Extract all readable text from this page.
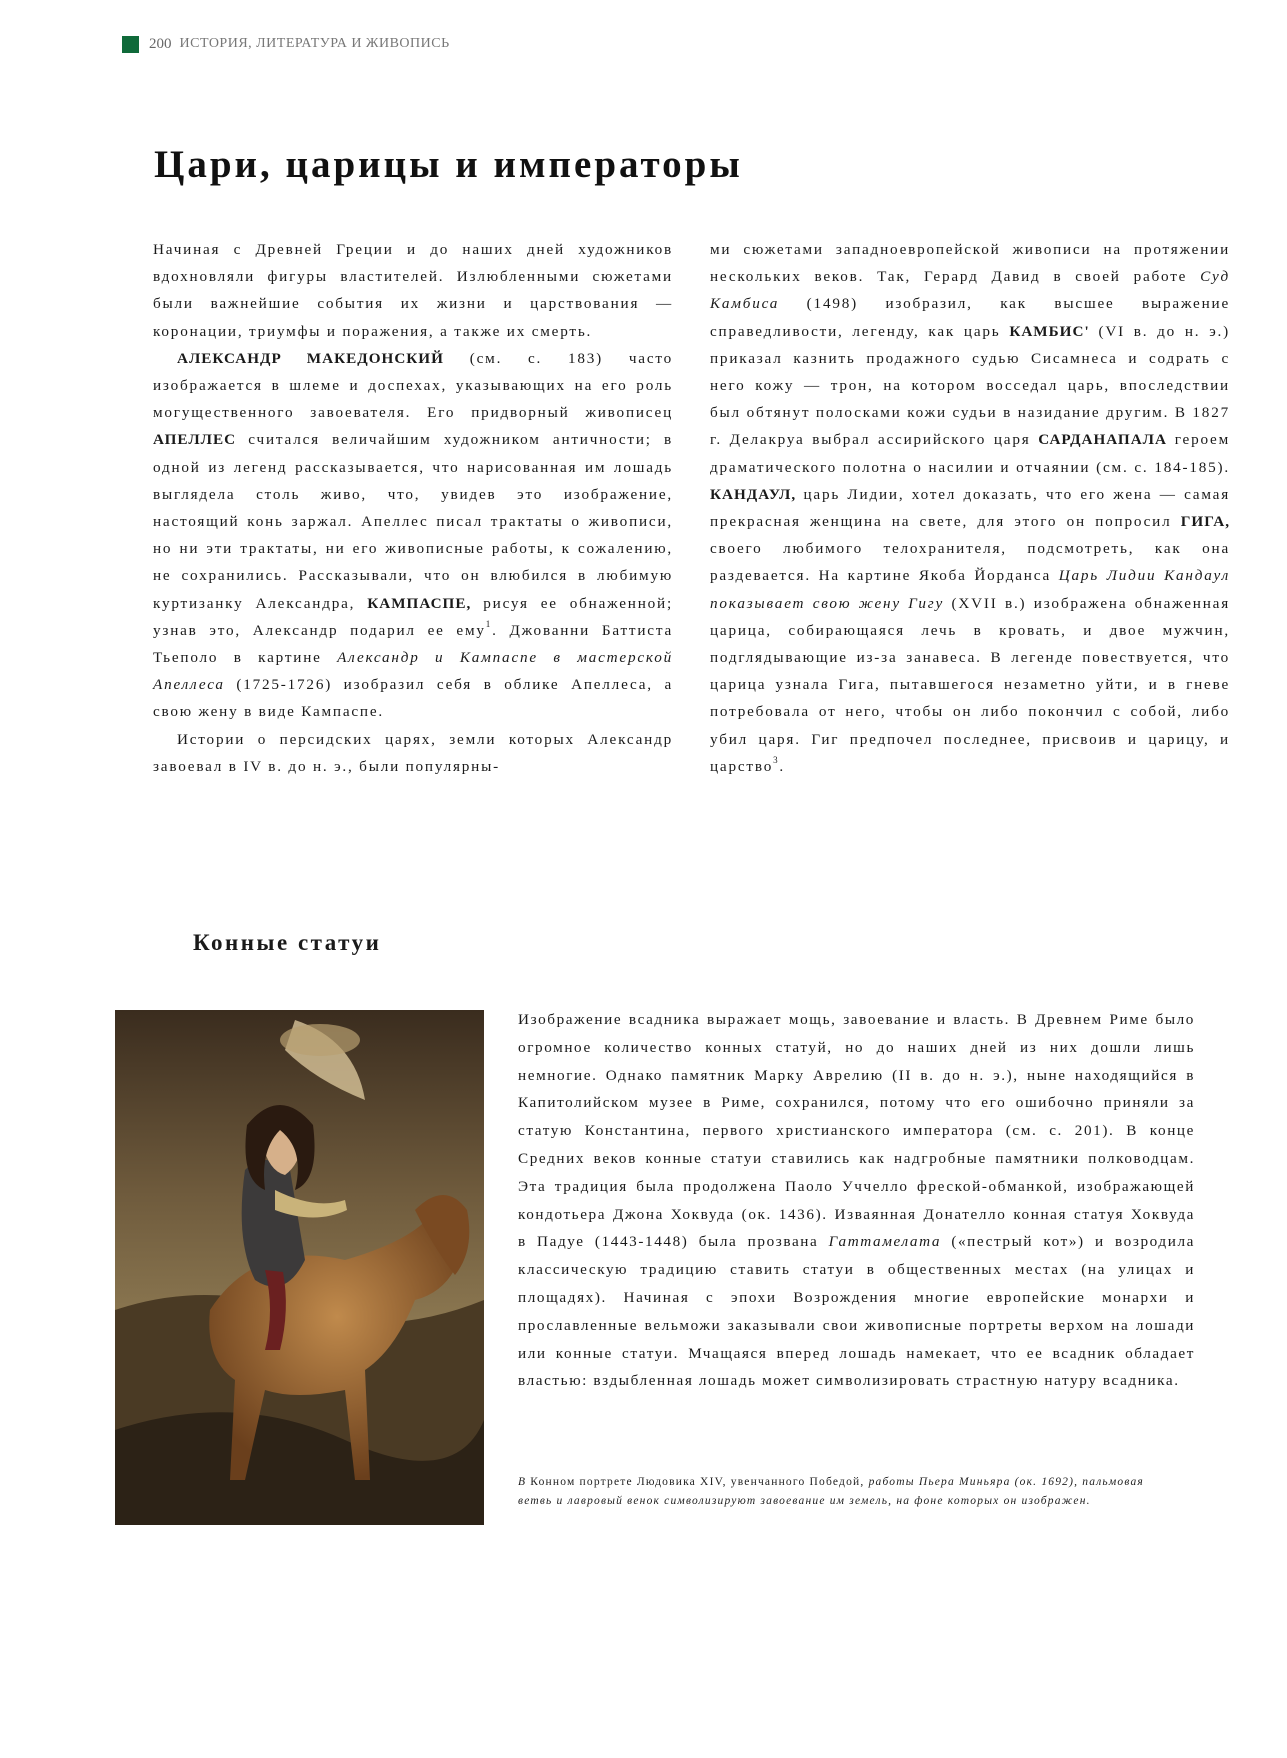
200 ИСТОРИЯ, ЛИТЕРАТУРА И ЖИВОПИСЬ
Цари, царицы и императоры

Начиная с Древней Греции и до наших дней художников вдохновляли фигуры властителей. Излюбленными сюжетами были важнейшие события их жизни и царствования — коронации, триумфы и поражения, а также их смерть.

АЛЕКСАНДР МАКЕДОНСКИЙ (см. с. 183) часто изображается в шлеме и доспехах, указывающих на его роль могущественного завоевателя. Его придворный живописец АПЕЛЛЕС считался величайшим художником античности; в одной из легенд рассказывается, что нарисованная им лошадь выглядела столь живо, что, увидев это изображение, настоящий конь заржал. Апеллес писал трактаты о живописи, но ни эти трактаты, ни его живописные работы, к сожалению, не сохранились. Рассказывали, что он влюбился в любимую куртизанку Александра, КАМПАСПЕ, рисуя ее обнаженной; узнав это, Александр подарил ее ему$^1$. Джованни Баттиста Тьеполо в картине Александр и Кампаспе в мастерской Апеллеса (1725-1726) изобразил себя в облике Апеллеса, а свою жену в виде Кампаспе.

Истории о персидских царях, земли которых Александр завоевал в IV в. до н. э., были популярны-

ми сюжетами западноевропейской живописи на протяжении нескольких веков. Так, Герард Давид в своей работе Суд Камбиса (1498) изобразил, как высшее выражение справедливости, легенду, как царь КАМБИС' (VI в. до н. э.) приказал казнить продажного судью Сисамнеса и содрать с него кожу — трон, на котором восседал царь, впоследствии был обтянут полосками кожи судьи в назидание другим. В 1827 г. Делакруа выбрал ассирийского царя САРДАНАПАЛА героем драматического полотна о насилии и отчаянии (см. с. 184-185). КАНДАУЛ, царь Лидии, хотел доказать, что его жена — самая прекрасная женщина на свете, для этого он попросил ГИГА, своего любимого телохранителя, подсмотреть, как она раздевается. На картине Якоба Йорданса Царь Лидии Кандаул показывает свою жену Гигу (XVII в.) изображена обнаженная царица, собирающаяся лечь в кровать, и двое мужчин, подглядывающие из-за занавеса. В легенде повествуется, что царица узнала Гига, пытавшегося незаметно уйти, и в гневе потребовала от него, чтобы он либо покончил с собой, либо убил царя. Гиг предпочел последнее, присвоив и царицу, и царство$^3$.

Конные статуи

Изображение всадника выражает мощь, завоевание и власть. В Древнем Риме было огромное количество конных статуй, но до наших дней из них дошли лишь немногие. Однако памятник Марку Аврелию (II в. до н. э.), ныне находящийся в Капитолийском музее в Риме, сохранился, потому что его ошибочно приняли за статую Константина, первого христианского императора (см. с. 201). В конце Средних веков конные статуи ставились как надгробные памятники полководцам. Эта традиция была продолжена Паоло Уччелло фреской-обманкой, изображающей кондотьера Джона Хоквуда (ок. 1436). Изваянная Донателло конная статуя Хоквуда в Падуе (1443-1448) была прозвана Гаттамелата («пестрый кот») и возродила классическую традицию ставить статуи в общественных местах (на улицах и площадях). Начиная с эпохи Возрождения многие европейские монархи и прославленные вельможи заказывали свои живописные портреты верхом на лошади или конные статуи. Мчащаяся вперед лошадь намекает, что ее всадник обладает властью: вздыбленная лошадь может символизировать страстную натуру всадника.

В Конном портрете Людовика XIV, увенчанного Победой, работы Пьера Миньяра (ок. 1692), пальмовая ветвь и лавровый венок символизируют завоевание им земель, на фоне которых он изображен.
